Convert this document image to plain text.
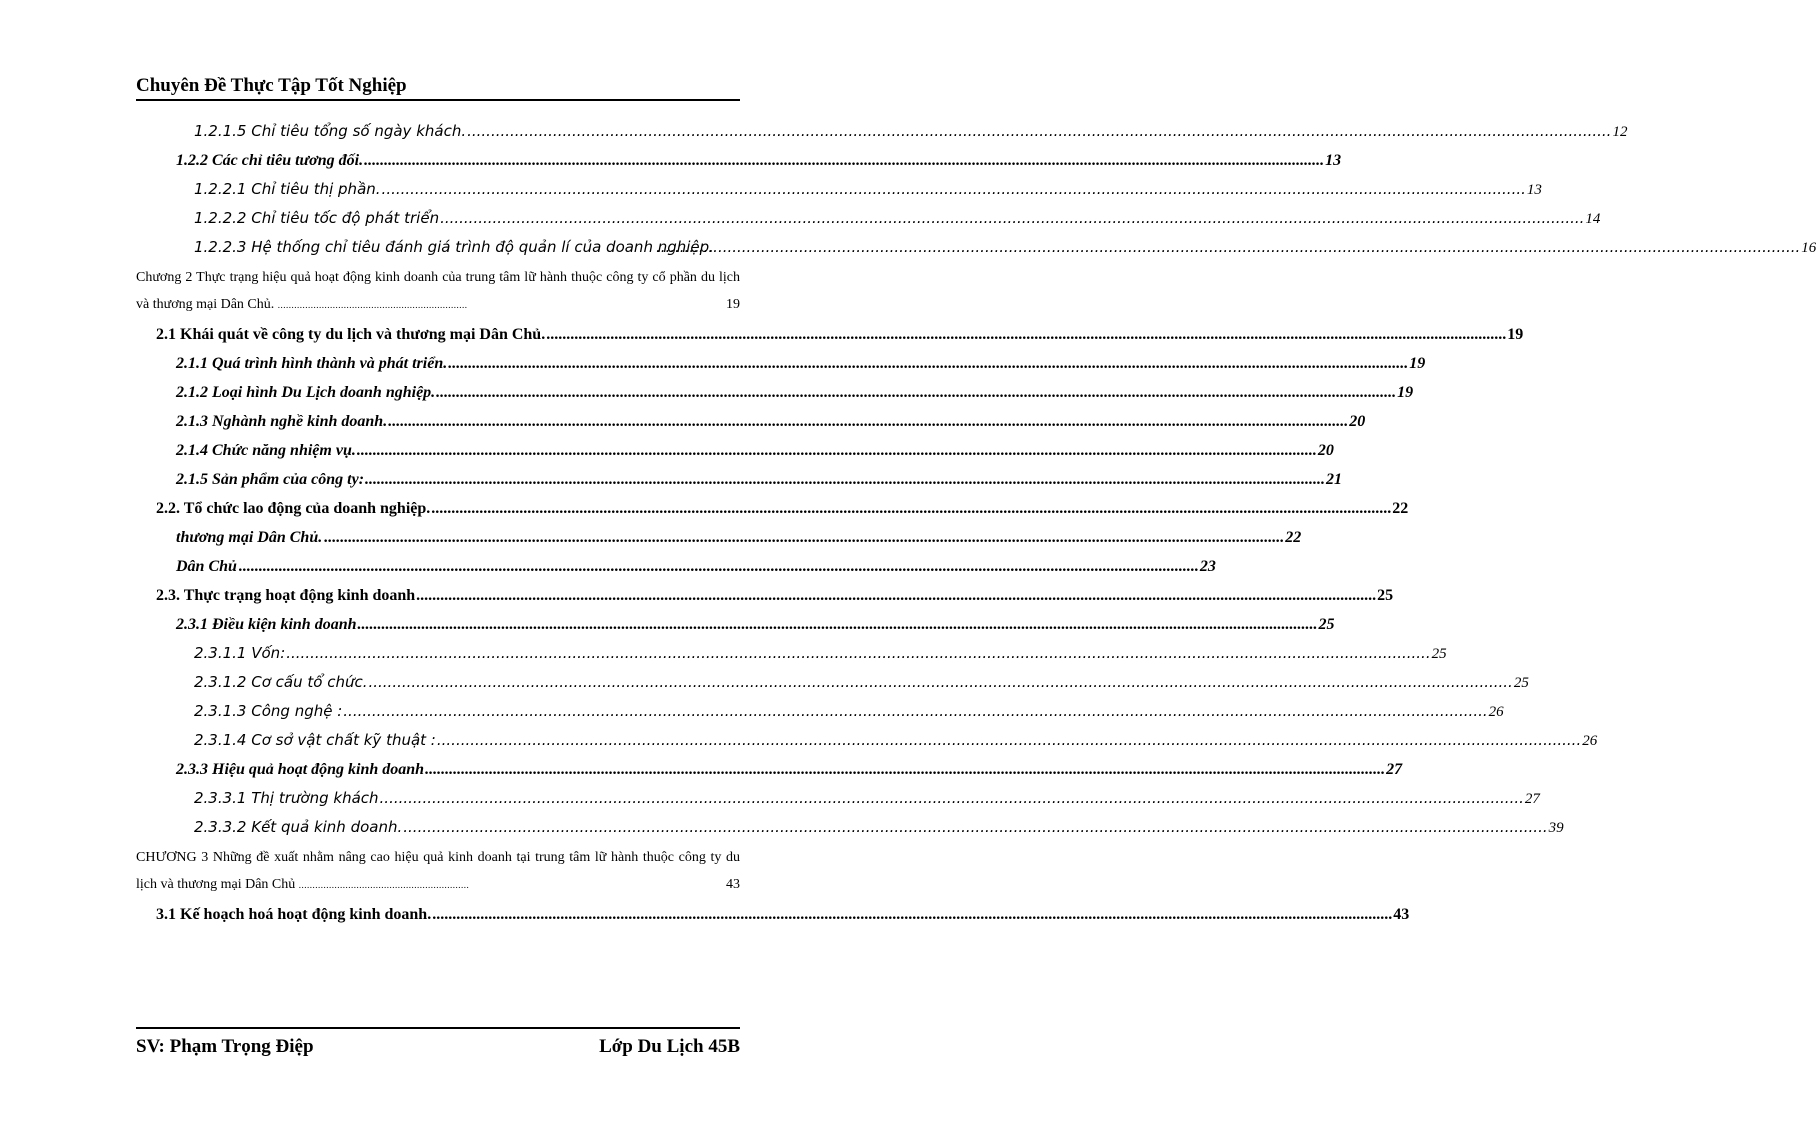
Chuyên Đề Thực Tập Tốt Nghiệp
1.2.1.5 Chỉ tiêu tổng số ngày khách. .....	12
1.2.2 Các chỉ tiêu tương đối. .....	13
1.2.2.1 Chỉ tiêu thị phần. .....	13
1.2.2.2 Chỉ tiêu tốc độ phát triển .....	14
1.2.2.3 Hệ thống chỉ tiêu đánh giá trình độ quản lí của doanh nghiệp. .....	16
Chương 2 Thực trạng hiệu quả hoạt động kinh doanh của trung tâm lữ hành thuộc công ty cổ phần du lịch và thương mại Dân Chủ. .....................................................................	19
2.1 Khái quát về công ty du lịch và thương mại Dân Chủ. .....	19
2.1.1 Quá trình hình thành và phát triển. .....	19
2.1.2 Loại hình Du Lịch doanh nghiệp. .....	19
2.1.3 Nghành nghề kinh doanh. .....	20
2.1.4 Chức năng nhiệm vụ. .....	20
2.1.5 Sản phẩm của công ty: .....	21
2.2. Tổ chức lao động của doanh nghiệp. .....	22
thương mại Dân Chủ. .....	22
Dân Chủ .....	23
2.3. Thực trạng hoạt động kinh doanh .....	25
2.3.1 Điều kiện kinh doanh .....	25
2.3.1.1 Vốn: .....	25
2.3.1.2 Cơ cấu tổ chức. .....	25
2.3.1.3 Công nghệ : .....	26
2.3.1.4 Cơ sở vật chất kỹ thuật : .....	26
2.3.3 Hiệu quả hoạt động kinh doanh .....	27
2.3.3.1 Thị trường khách .....	27
2.3.3.2 Kết quả kinh doanh. .....	39
CHƯƠNG 3 Những đề xuất nhằm nâng cao hiệu quả kinh doanh tại trung tâm lữ hành thuộc công ty du lịch và thương mại Dân Chủ ..............................................................	43
3.1 Kế hoạch hoá hoạt động kinh doanh. .....	43
SV: Phạm Trọng Điệp	Lớp Du Lịch 45B
